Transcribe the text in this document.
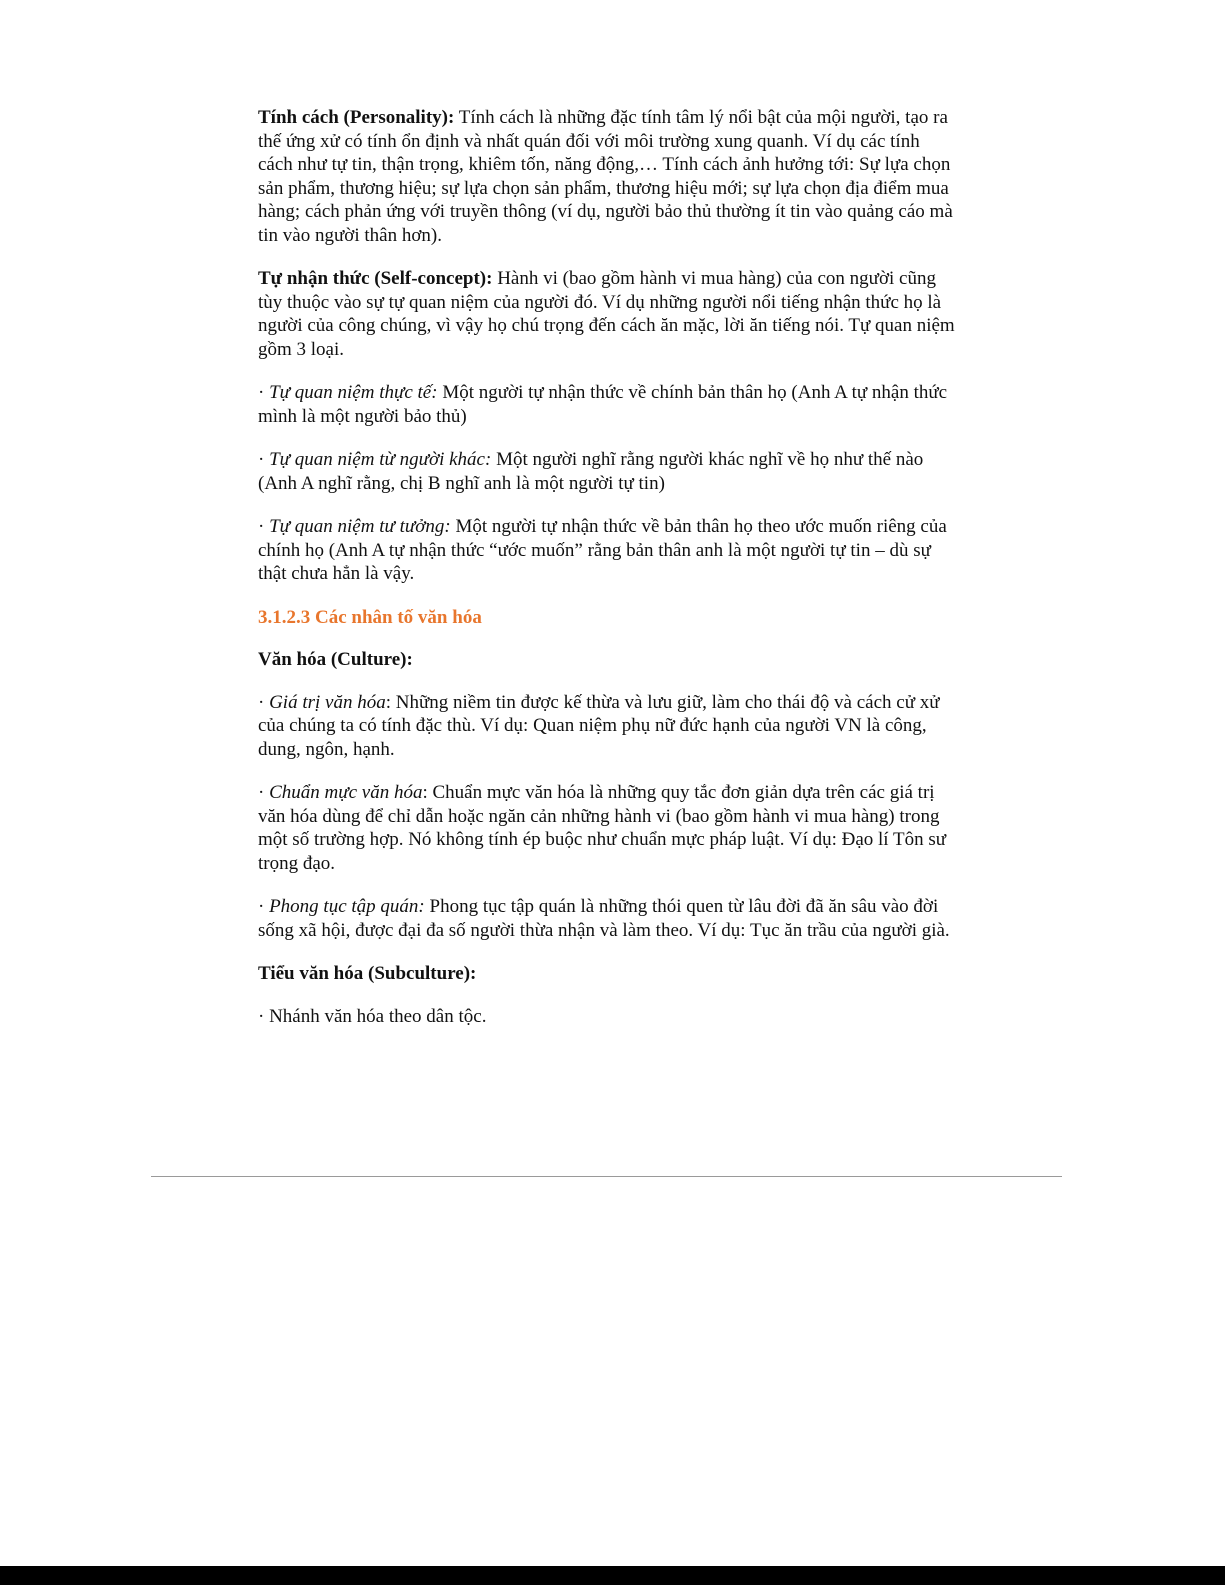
Tính cách (Personality): Tính cách là những đặc tính tâm lý nổi bật của mội người, tạo ra thế ứng xử có tính ổn định và nhất quán đối với môi trường xung quanh. Ví dụ các tính cách như tự tin, thận trọng, khiêm tốn, năng động,… Tính cách ảnh hưởng tới: Sự lựa chọn sản phẩm, thương hiệu; sự lựa chọn sản phẩm, thương hiệu mới; sự lựa chọn địa điểm mua hàng; cách phản ứng với truyền thông (ví dụ, người bảo thủ thường ít tin vào quảng cáo mà tin vào người thân hơn).

Tự nhận thức (Self-concept): Hành vi (bao gồm hành vi mua hàng) của con người cũng tùy thuộc vào sự tự quan niệm của người đó. Ví dụ những người nổi tiếng nhận thức họ là người của công chúng, vì vậy họ chú trọng đến cách ăn mặc, lời ăn tiếng nói. Tự quan niệm gồm 3 loại.

· Tự quan niệm thực tế: Một người tự nhận thức về chính bản thân họ (Anh A tự nhận thức mình là một người bảo thủ)

· Tự quan niệm từ người khác: Một người nghĩ rằng người khác nghĩ về họ như thế nào (Anh A nghĩ rằng, chị B nghĩ anh là một người tự tin)

· Tự quan niệm tư tưởng: Một người tự nhận thức về bản thân họ theo ước muốn riêng của chính họ (Anh A tự nhận thức “ước muốn” rằng bản thân anh là một người tự tin – dù sự thật chưa hẳn là vậy.

3.1.2.3 Các nhân tố văn hóa

Văn hóa (Culture):

· Giá trị văn hóa: Những niềm tin được kế thừa và lưu giữ, làm cho thái độ và cách cử xử của chúng ta có tính đặc thù. Ví dụ: Quan niệm phụ nữ đức hạnh của người VN là công, dung, ngôn, hạnh.

· Chuẩn mực văn hóa: Chuẩn mực văn hóa là những quy tắc đơn giản dựa trên các giá trị văn hóa dùng để chỉ dẫn hoặc ngăn cản những hành vi (bao gồm hành vi mua hàng) trong một số trường hợp. Nó không tính ép buộc như chuẩn mực pháp luật. Ví dụ: Đạo lí Tôn sư trọng đạo.

· Phong tục tập quán: Phong tục tập quán là những thói quen từ lâu đời đã ăn sâu vào đời sống xã hội, được đại đa số người thừa nhận và làm theo. Ví dụ: Tục ăn trầu của người già.

Tiểu văn hóa (Subculture):

· Nhánh văn hóa theo dân tộc.
